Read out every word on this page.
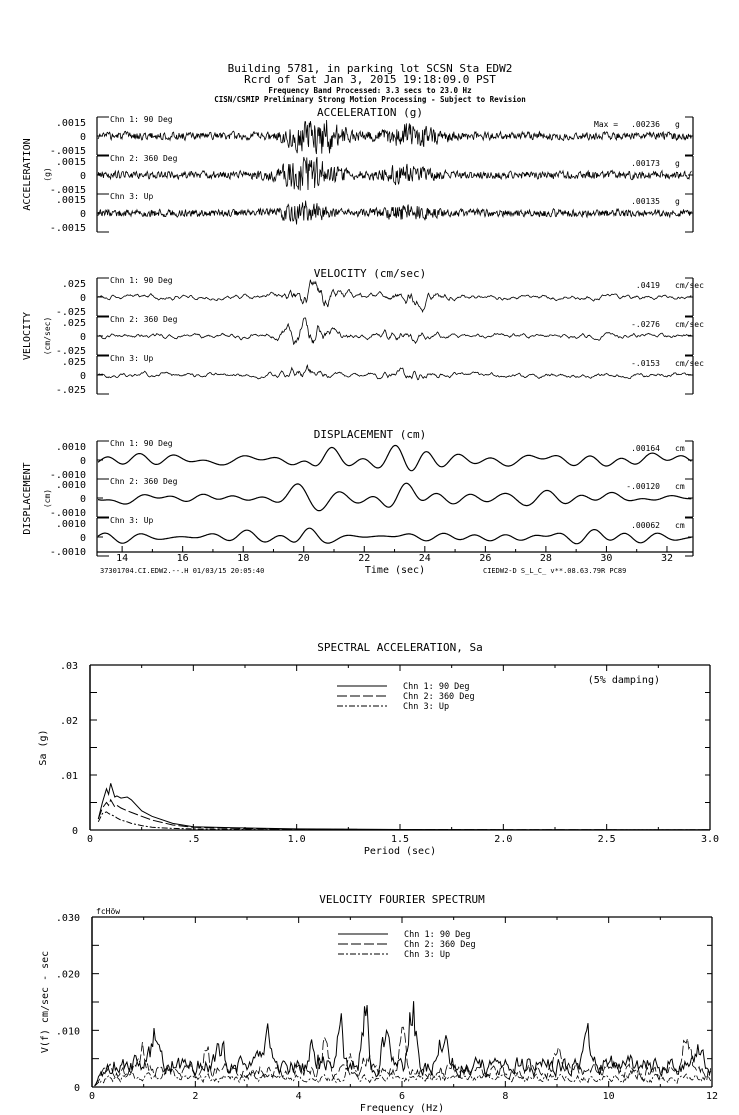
Building 5781, in parking lot SCSN Sta EDW2
Rcrd of Sat Jan 3, 2015 19:18:09.0 PST
Frequency Band Processed: 3.3 secs to 23.0 Hz
CISN/CSMIP Preliminary Strong Motion Processing - Subject to Revision
ACCELERATION (g)
ACCELERATION (g)
.0015
0
-.0015
Chn 1: 90 Deg
Max = .00236 g
.0015
0
-.0015
Chn 2: 360 Deg
.00173 g
.0015
0
-.0015
Chn 3: Up
.00135 g
VELOCITY (cm/sec)
VELOCITY (cm/sec)
.025
0
-.025
Chn 1: 90 Deg
.0419 cm/sec
.025
0
-.025
Chn 2: 360 Deg
-.0276 cm/sec
.025
0
-.025
Chn 3: Up
-.0153 cm/sec
DISPLACEMENT (cm)
DISPLACEMENT (cm)
.0010
0
-.0010
Chn 1: 90 Deg
.00164 cm
.0010
0
-.0010
Chn 2: 360 Deg
-.00120 cm
.0010
0
-.0010
Chn 3: Up
.00062 cm
14	16	18	20	22	24	26	28	30	32
Time (sec)
37301704.CI.EDW2.--.H 01/03/15 20:05:40	CIEDW2-D S_L_C_ v**.08.63.79R PC89
SPECTRAL ACCELERATION, Sa
0	.5	1.0	1.5	2.0	2.5	3.0
0
.01
.02
.03
Sa (g)
Period (sec)
Chn 1: 90 Deg
Chn 2: 360 Deg
Chn 3: Up
(5% damping)
VELOCITY FOURIER SPECTRUM
0	2	4	6	8	10	12
0
.010
.020
.030
V(f) cm/sec - sec
Frequency (Hz)
Chn 1: 90 Deg
Chn 2: 360 Deg
Chn 3: Up
fcHöw
